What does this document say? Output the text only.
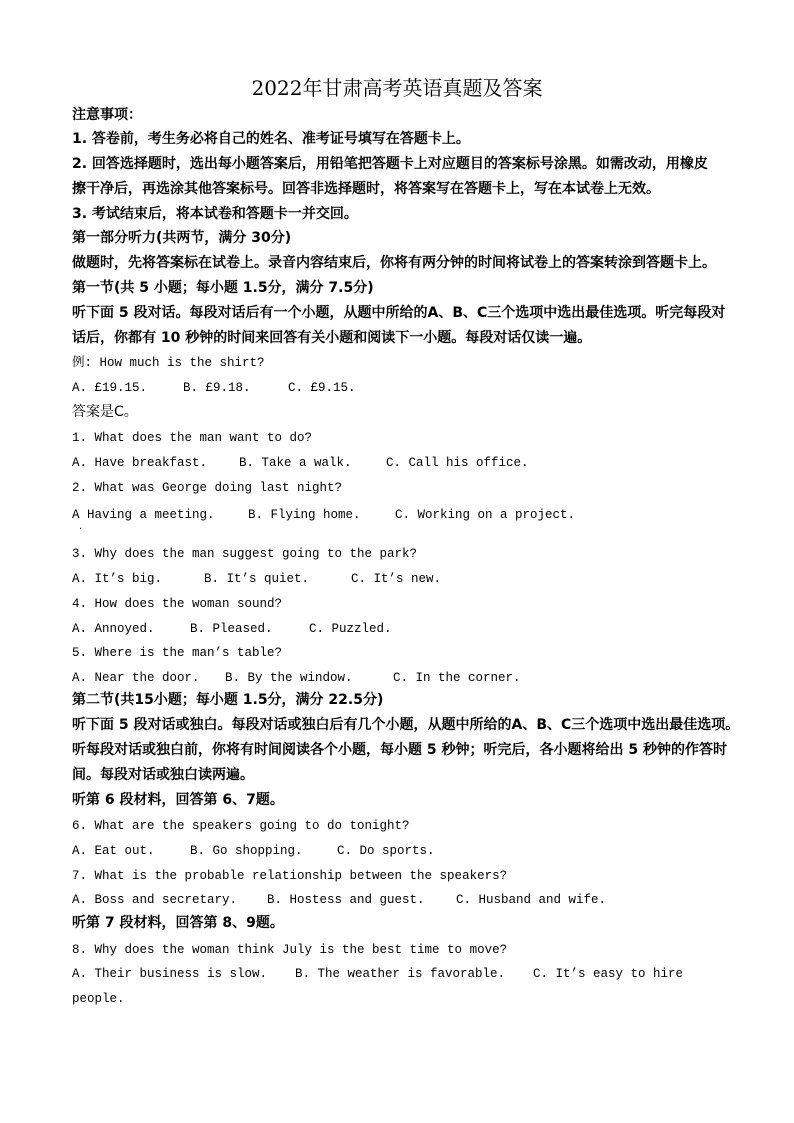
2022年甘肃高考英语真题及答案
注意事项：
1. 答卷前，考生务必将自己的姓名、准考证号填写在答题卡上。
2. 回答选择题时，选出每小题答案后，用铅笔把答题卡上对应题目的答案标号涂黑。如需改动，用橡皮
擦干净后，再选涂其他答案标号。回答非选择题时，将答案写在答题卡上，写在本试卷上无效。
3. 考试结束后，将本试卷和答题卡一并交回。
第一部分听力(共两节，满分 30分)
做题时，先将答案标在试卷上。录音内容结束后，你将有两分钟的时间将试卷上的答案转涂到答题卡上。
第一节(共 5 小题；每小题 1.5分，满分 7.5分)
听下面 5 段对话。每段对话后有一个小题，从题中所给的A、B、C三个选项中选出最佳选项。听完每段对
话后，你都有 10 秒钟的时间来回答有关小题和阅读下一小题。每段对话仅读一遍。
例: How much is the shirt?
A. £19.15.	B. £9.18.	C. £9.15.
答案是C。
1. What does the man want to do?
A. Have breakfast.	B. Take a walk.	C. Call his office.
2. What was George doing last night?
A Having a meeting.	B. Flying home.	C. Working on a project.
·
3. Why does the man suggest going to the park?
A. It’s big.	B. It’s quiet.	C. It’s new.
4. How does the woman sound?
A. Annoyed.	B. Pleased.	C. Puzzled.
5. Where is the man’s table?
A. Near the door. B. By the window.	C. In the corner.
第二节(共15小题；每小题 1.5分，满分 22.5分)
听下面 5 段对话或独白。每段对话或独白后有几个小题，从题中所给的A、B、C三个选项中选出最佳选项。
听每段对话或独白前，你将有时间阅读各个小题，每小题 5 秒钟；听完后，各小题将给出 5 秒钟的作答时
间。每段对话或独白读两遍。
听第 6 段材料，回答第 6、7题。
6. What are the speakers going to do tonight?
A. Eat out.	B. Go shopping.	C. Do sports.
7. What is the probable relationship between the speakers?
A. Boss and secretary. B. Hostess and guest.	C. Husband and wife.
听第 7 段材料，回答第 8、9题。
8. Why does the woman think July is the best time to move?
A. Their business is slow. B. The weather is favorable. C. It’s easy to hire
people.
